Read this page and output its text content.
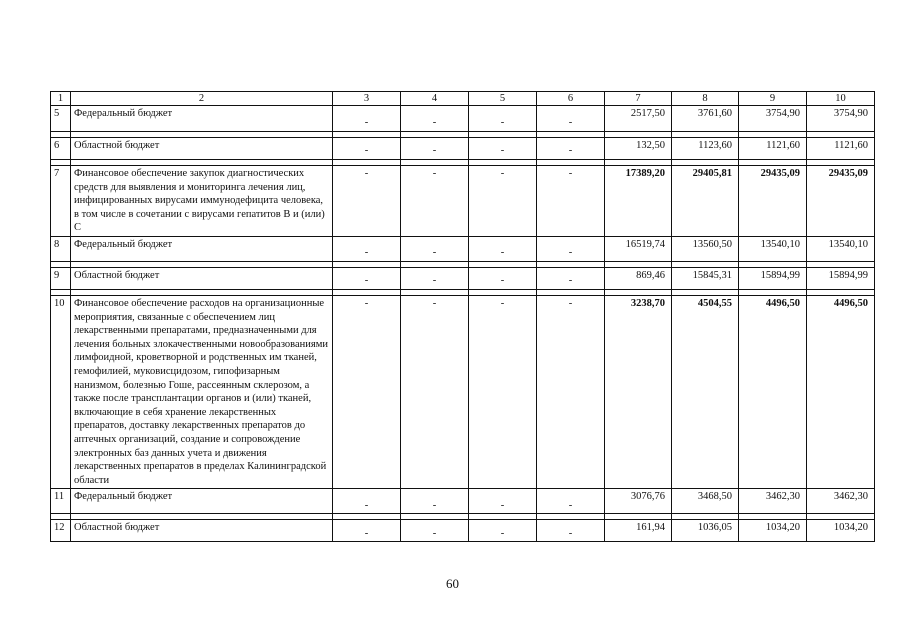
1	2	3	4	5	6	7	8	9	10
5	Федеральный бюджет	-	-	-	-	2517,50	3761,60	3754,90	3754,90

6	Областной бюджет	-	-	-	-	132,50	1123,60	1121,60	1121,60

7	Финансовое обеспечение закупок диагностических средств для выявления и мониторинга лечения лиц, инфицированных вирусами иммунодефицита человека, в том числе в сочетании с вирусами гепатитов В и (или) С	-	-	-	-	17389,20	29405,81	29435,09	29435,09
8	Федеральный бюджет	-	-	-	-	16519,74	13560,50	13540,10	13540,10

9	Областной бюджет	-	-	-	-	869,46	15845,31	15894,99	15894,99

10	Финансовое обеспечение расходов на организационные мероприятия, связанные с обеспечением лиц лекарственными препаратами, предназначенными для лечения больных злокачественными новообразованиями лимфоидной, кроветворной и родственных им тканей, гемофилией, муковисцидозом, гипофизарным нанизмом, болезнью Гоше, рассеянным склерозом, а также после трансплантации органов и (или) тканей, включающие в себя хранение лекарственных препаратов, доставку лекарственных препаратов до аптечных организаций, создание и сопровождение электронных баз данных учета и движения лекарственных препаратов в пределах Калининградской области	-	-	-	-	3238,70	4504,55	4496,50	4496,50
11	Федеральный бюджет	-	-	-	-	3076,76	3468,50	3462,30	3462,30

12	Областной бюджет	-	-	-	-	161,94	1036,05	1034,20	1034,20
60
